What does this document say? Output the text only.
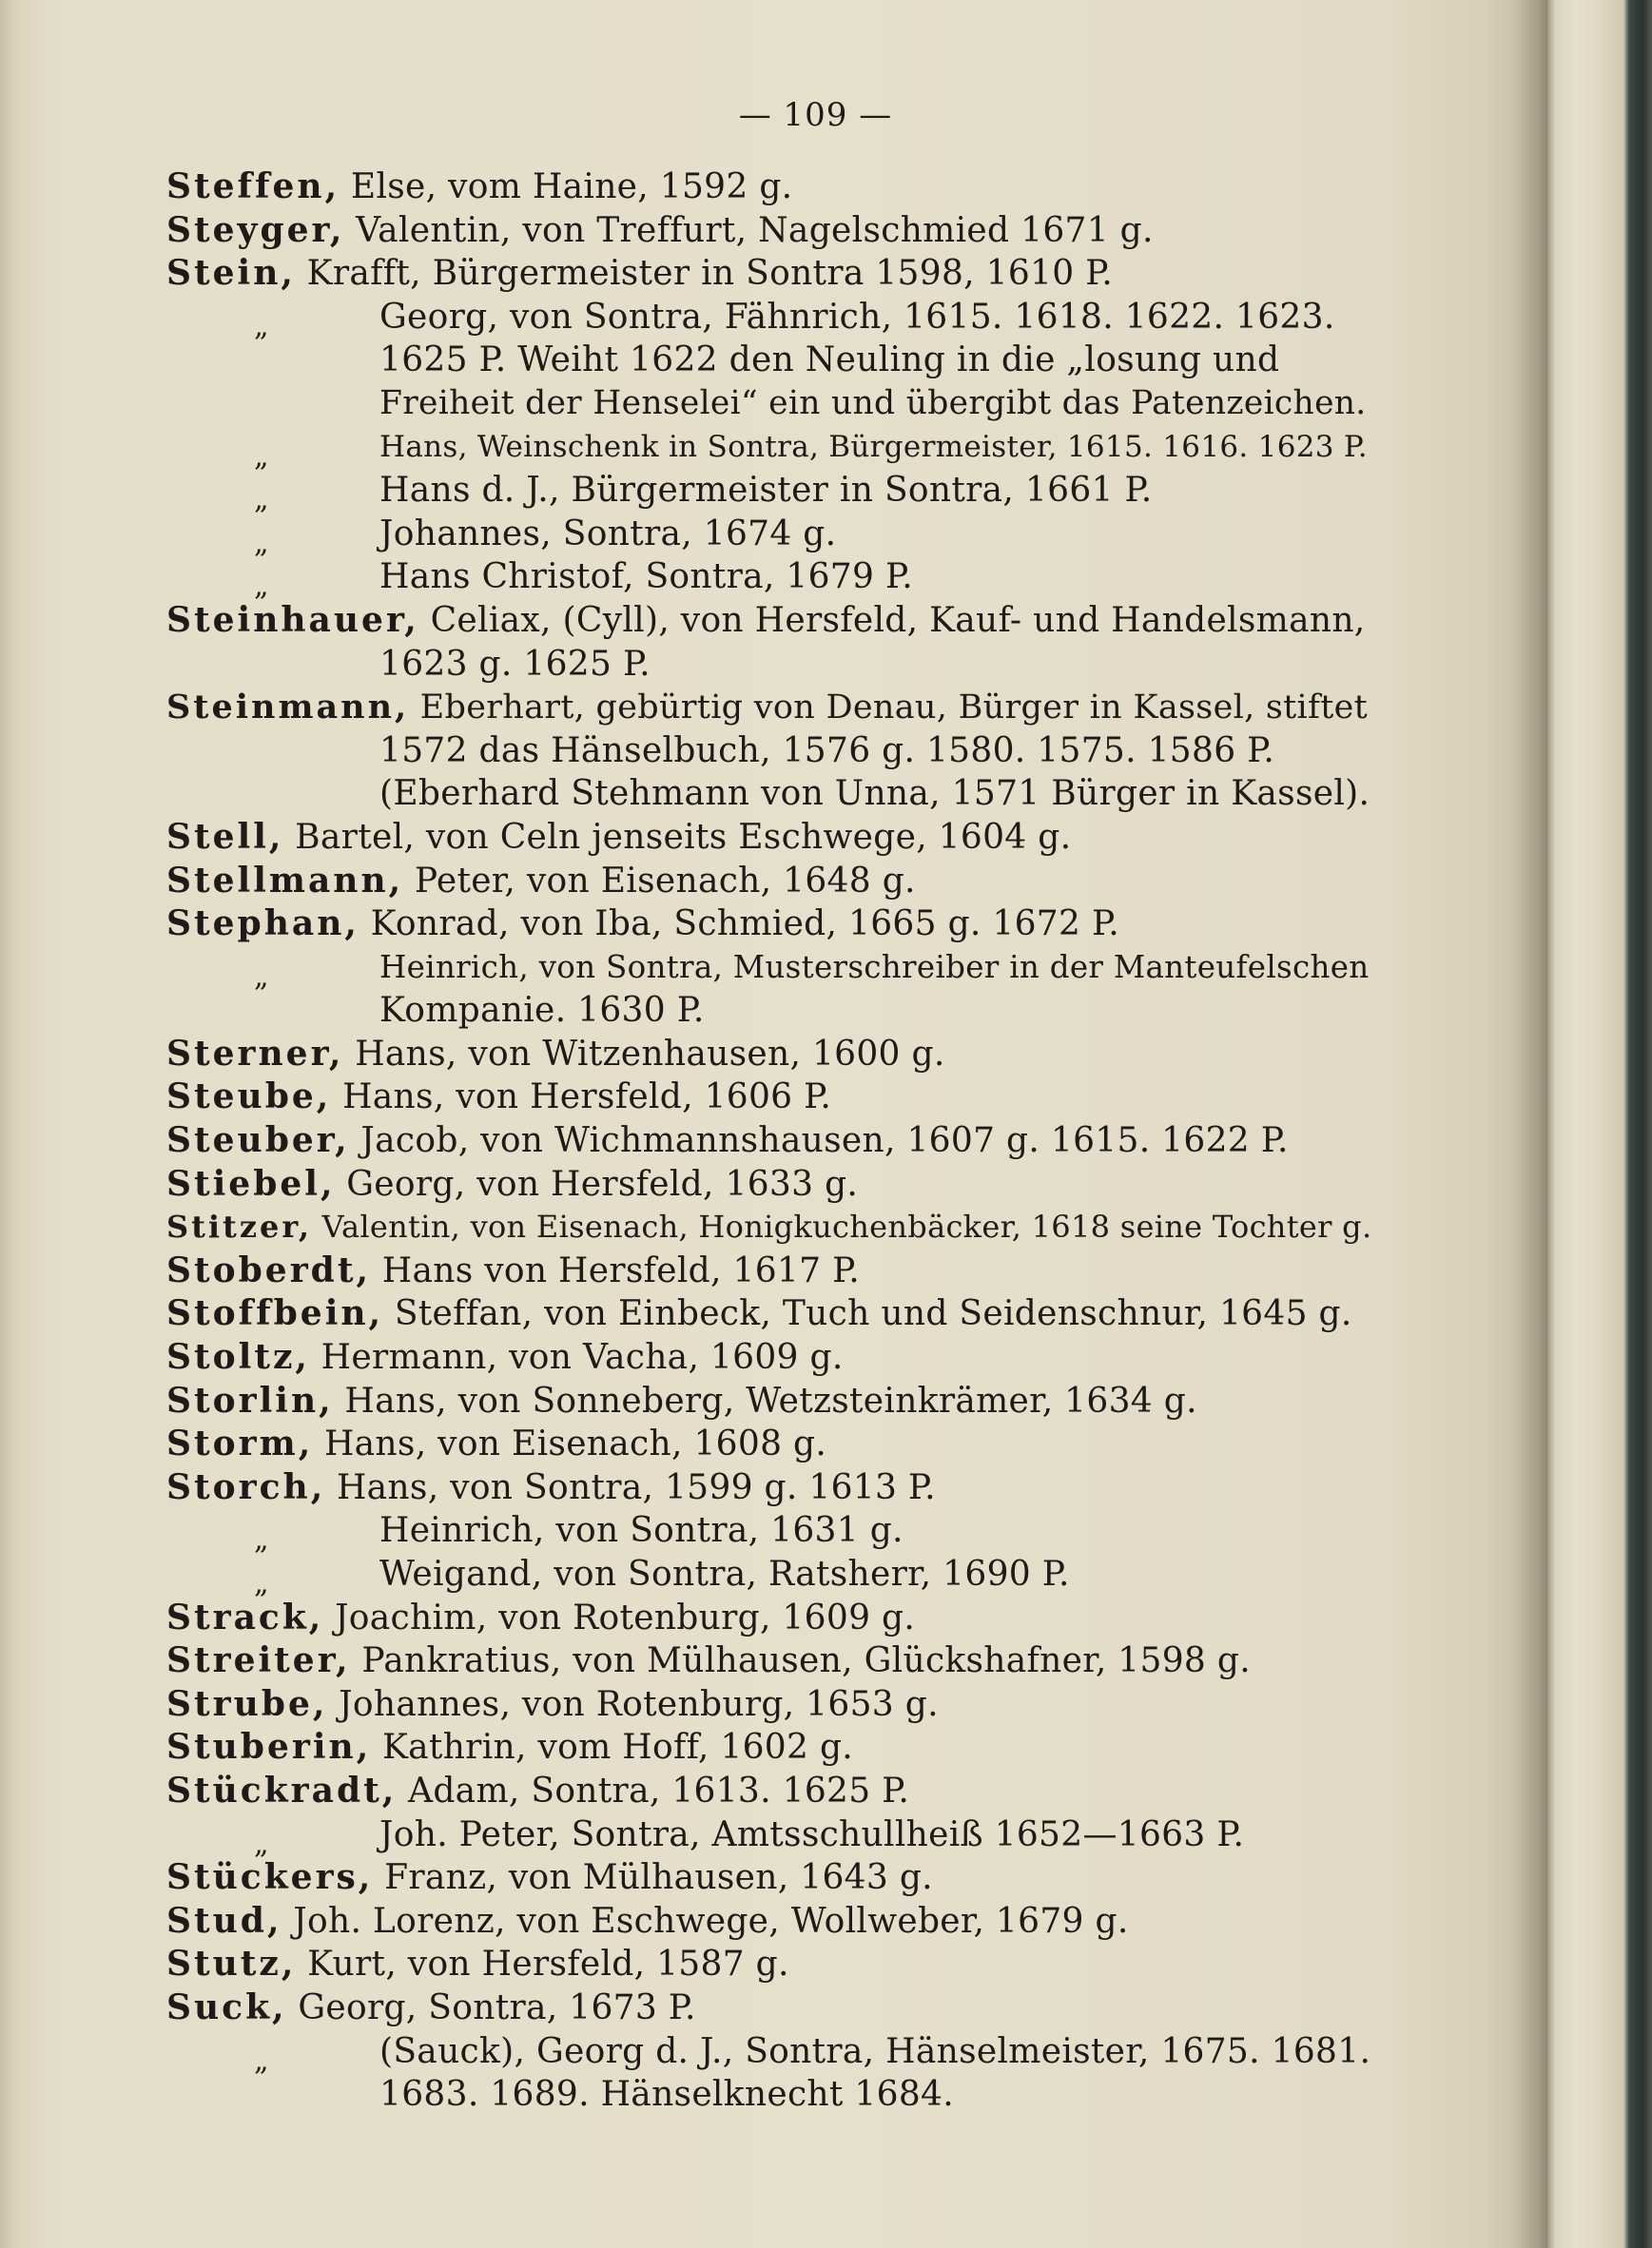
— 109 —
Steffen, Else, vom Haine, 1592 g.
Steyger, Valentin, von Treffurt, Nagelschmied 1671 g.
Stein, Krafft, Bürgermeister in Sontra 1598, 1610 P.
„	Georg, von Sontra, Fähnrich, 1615. 1618. 1622. 1623.
1625 P. Weiht 1622 den Neuling in die „losung und
Freiheit der Henselei“ ein und übergibt das Patenzeichen.
„	Hans, Weinschenk in Sontra, Bürgermeister, 1615. 1616. 1623 P.
„	Hans d. J., Bürgermeister in Sontra, 1661 P.
„	Johannes, Sontra, 1674 g.
„	Hans Christof, Sontra, 1679 P.
Steinhauer, Celiax, (Cyll), von Hersfeld, Kauf- und Handelsmann,
1623 g. 1625 P.
Steinmann, Eberhart, gebürtig von Denau, Bürger in Kassel, stiftet
1572 das Hänselbuch, 1576 g. 1580. 1575. 1586 P.
(Eberhard Stehmann von Unna, 1571 Bürger in Kassel).
Stell, Bartel, von Celn jenseits Eschwege, 1604 g.
Stellmann, Peter, von Eisenach, 1648 g.
Stephan, Konrad, von Iba, Schmied, 1665 g. 1672 P.
„	Heinrich, von Sontra, Musterschreiber in der Manteufelschen
Kompanie. 1630 P.
Sterner, Hans, von Witzenhausen, 1600 g.
Steube, Hans, von Hersfeld, 1606 P.
Steuber, Jacob, von Wichmannshausen, 1607 g. 1615. 1622 P.
Stiebel, Georg, von Hersfeld, 1633 g.
Stitzer, Valentin, von Eisenach, Honigkuchenbäcker, 1618 seine Tochter g.
Stoberdt, Hans von Hersfeld, 1617 P.
Stoffbein, Steffan, von Einbeck, Tuch und Seidenschnur, 1645 g.
Stoltz, Hermann, von Vacha, 1609 g.
Storlin, Hans, von Sonneberg, Wetzsteinkrämer, 1634 g.
Storm, Hans, von Eisenach, 1608 g.
Storch, Hans, von Sontra, 1599 g. 1613 P.
„	Heinrich, von Sontra, 1631 g.
„	Weigand, von Sontra, Ratsherr, 1690 P.
Strack, Joachim, von Rotenburg, 1609 g.
Streiter, Pankratius, von Mülhausen, Glückshafner, 1598 g.
Strube, Johannes, von Rotenburg, 1653 g.
Stuberin, Kathrin, vom Hoff, 1602 g.
Stückradt, Adam, Sontra, 1613. 1625 P.
„	Joh. Peter, Sontra, Amtsschullheiß 1652—1663 P.
Stückers, Franz, von Mülhausen, 1643 g.
Stud, Joh. Lorenz, von Eschwege, Wollweber, 1679 g.
Stutz, Kurt, von Hersfeld, 1587 g.
Suck, Georg, Sontra, 1673 P.
„	(Sauck), Georg d. J., Sontra, Hänselmeister, 1675. 1681.
1683. 1689. Hänselknecht 1684.
